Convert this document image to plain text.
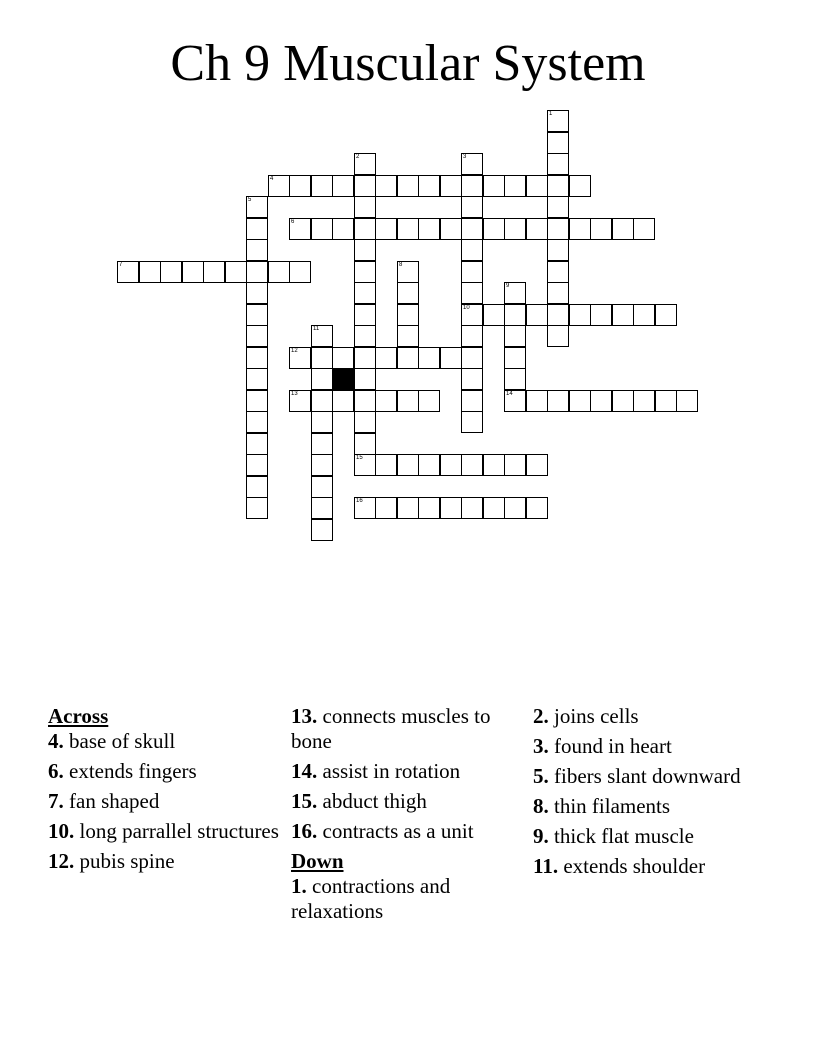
Ch 9 Muscular System
1
2
15
3
10
4
5
6
7	8
9
14
11
12
13
16
Across
4. base of skull
6. extends fingers
7. fan shaped
10. long parrallel structures
12. pubis spine
13. connects muscles to bone
14. assist in rotation
15. abduct thigh
16. contracts as a unit
Down
1. contractions and relaxations
2. joins cells
3. found in heart
5. fibers slant downward
8. thin filaments
9. thick flat muscle
11. extends shoulder
